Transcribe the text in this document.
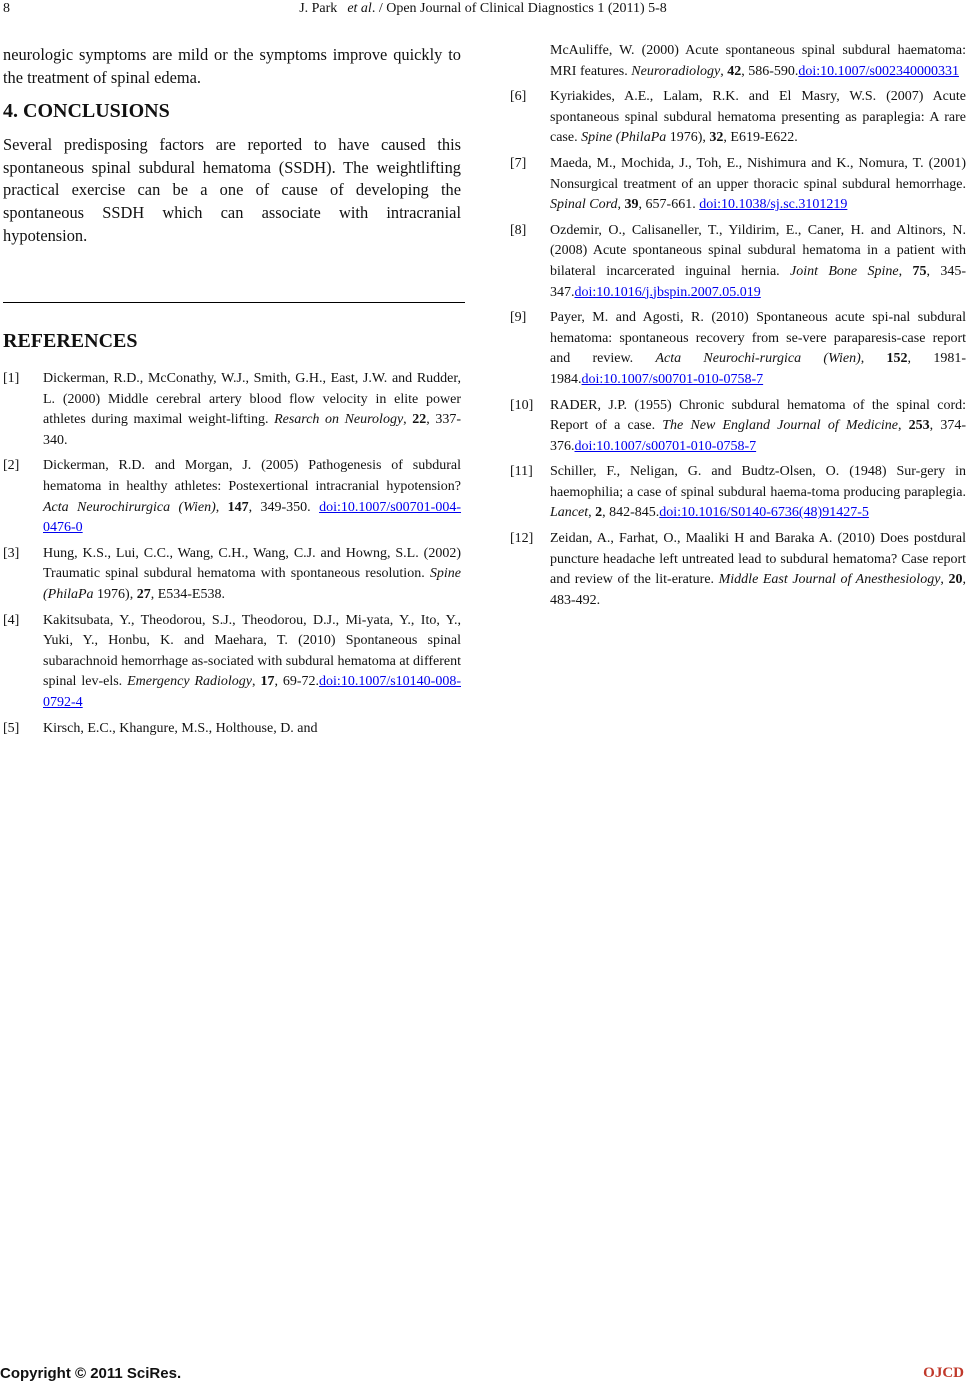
8	J. Park et al. / Open Journal of Clinical Diagnostics 1 (2011) 5-8

neurologic symptoms are mild or the symptoms improve quickly to the treatment of spinal edema.

4. CONCLUSIONS

Several predisposing factors are reported to have caused this spontaneous spinal subdural hematoma (SSDH). The weightlifting practical exercise can be a one of cause of developing the spontaneous SSDH which can associate with intracranial hypotension.

REFERENCES
[1] Dickerman, R.D., McConathy, W.J., Smith, G.H., East, J.W. and Rudder, L. (2000) Middle cerebral artery blood flow velocity in elite power athletes during maximal weight-lifting. Resarch on Neurology, 22, 337-340.
[2] Dickerman, R.D. and Morgan, J. (2005) Pathogenesis of subdural hematoma in healthy athletes: Postexertional intracranial hypotension? Acta Neurochirurgica (Wien), 147, 349-350. doi:10.1007/s00701-004-0476-0
[3] Hung, K.S., Lui, C.C., Wang, C.H., Wang, C.J. and Howng, S.L. (2002) Traumatic spinal subdural hematoma with spontaneous resolution. Spine (PhilaPa 1976), 27, E534-E538.
[4] Kakitsubata, Y., Theodorou, S.J., Theodorou, D.J., Mi-yata, Y., Ito, Y., Yuki, Y., Honbu, K. and Maehara, T. (2010) Spontaneous spinal subarachnoid hemorrhage as-sociated with subdural hematoma at different spinal lev-els. Emergency Radiology, 17, 69-72.doi:10.1007/s10140-008-0792-4
[5] Kirsch, E.C., Khangure, M.S., Holthouse, D. and
McAuliffe, W. (2000) Acute spontaneous spinal subdural haematoma: MRI features. Neuroradiology, 42, 586-590.doi:10.1007/s002340000331
[6] Kyriakides, A.E., Lalam, R.K. and El Masry, W.S. (2007) Acute spontaneous spinal subdural hematoma presenting as paraplegia: A rare case. Spine (PhilaPa 1976), 32, E619-E622.
[7] Maeda, M., Mochida, J., Toh, E., Nishimura and K., Nomura, T. (2001) Nonsurgical treatment of an upper thoracic spinal subdural hemorrhage. Spinal Cord, 39, 657-661. doi:10.1038/sj.sc.3101219
[8] Ozdemir, O., Calisaneller, T., Yildirim, E., Caner, H. and Altinors, N. (2008) Acute spontaneous spinal subdural hematoma in a patient with bilateral incarcerated inguinal hernia. Joint Bone Spine, 75, 345-347.doi:10.1016/j.jbspin.2007.05.019
[9] Payer, M. and Agosti, R. (2010) Spontaneous acute spi-nal subdural hematoma: spontaneous recovery from se-vere paraparesis-case report and review. Acta Neurochi-rurgica (Wien), 152, 1981-1984.doi:10.1007/s00701-010-0758-7
[10] RADER, J.P. (1955) Chronic subdural hematoma of the spinal cord: Report of a case. The New England Journal of Medicine, 253, 374-376.doi:10.1007/s00701-010-0758-7
[11] Schiller, F., Neligan, G. and Budtz-Olsen, O. (1948) Sur-gery in haemophilia; a case of spinal subdural haema-toma producing paraplegia. Lancet, 2, 842-845.doi:10.1016/S0140-6736(48)91427-5
[12] Zeidan, A., Farhat, O., Maaliki H and Baraka A. (2010) Does postdural puncture headache left untreated lead to subdural hematoma? Case report and review of the lit-erature. Middle East Journal of Anesthesiology, 20, 483-492.
Copyright © 2011 SciRes.	OJCD
